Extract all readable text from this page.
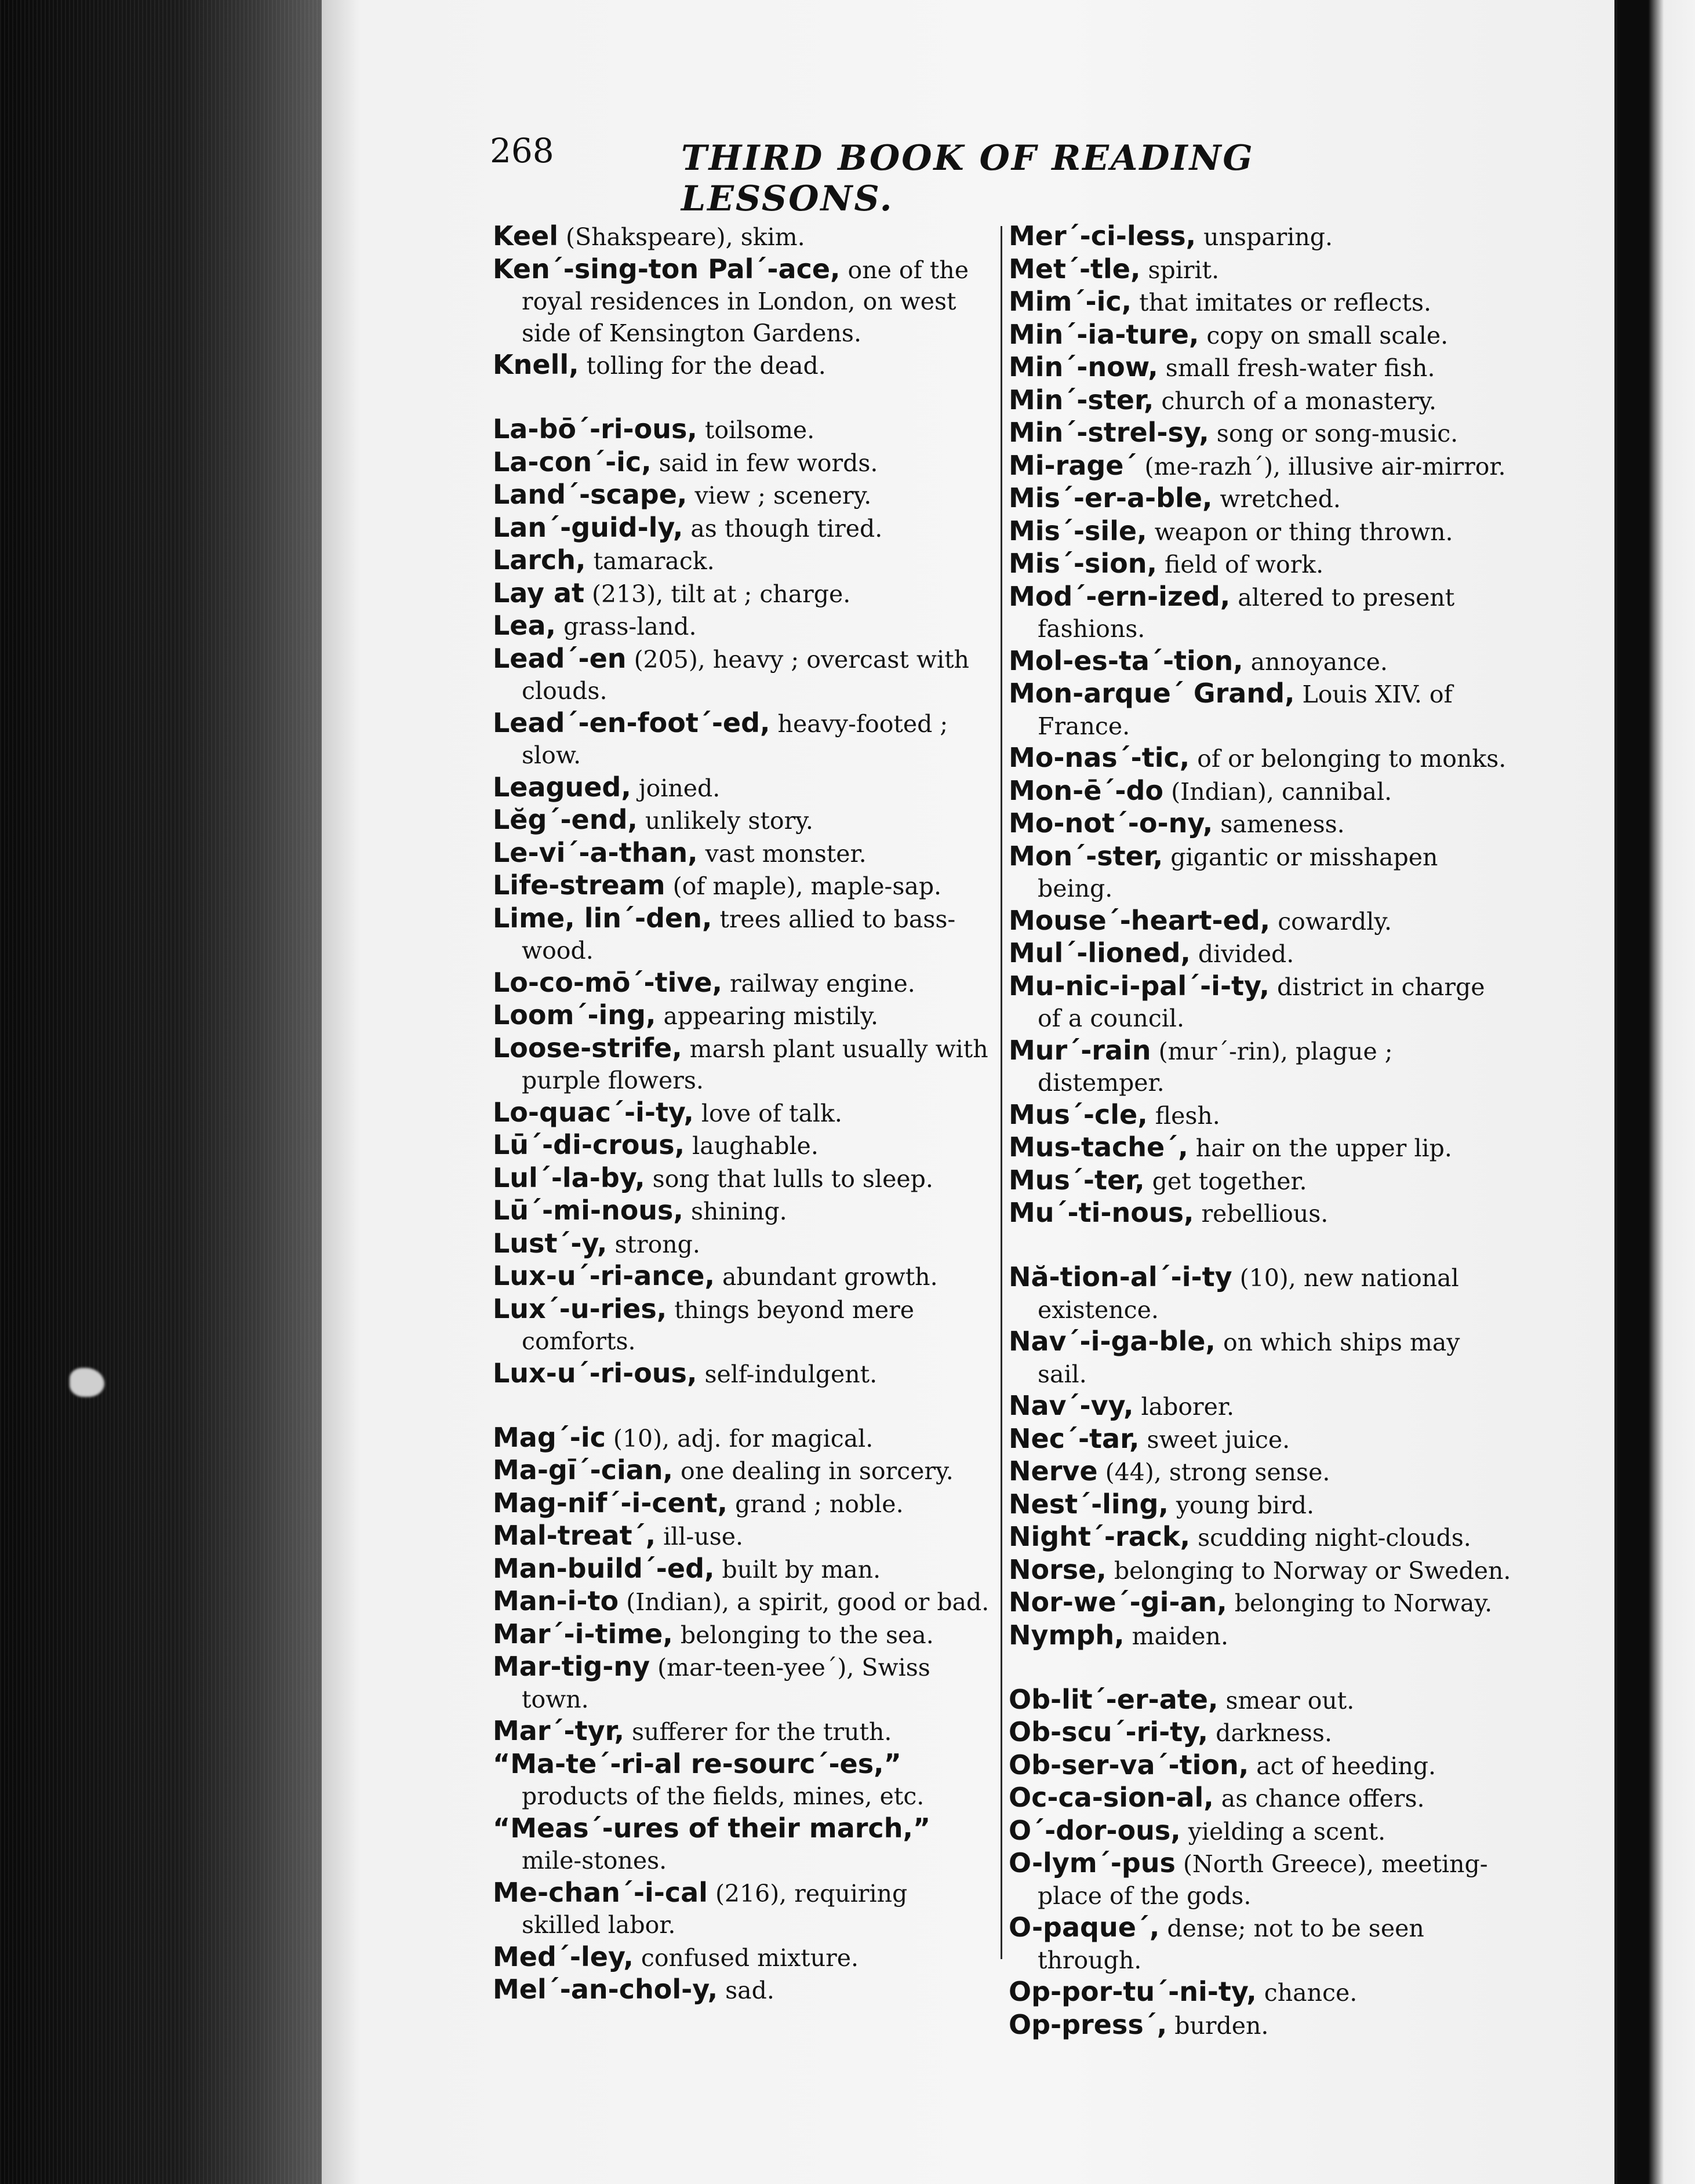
268	THIRD BOOK OF READING LESSONS.

Keel (Shakspeare), skim.

Ken´-sing-ton Pal´-ace, one of the royal residences in London, on west side of Kensington Gardens.

Knell, tolling for the dead.

La-bō´-ri-ous, toilsome.

La-con´-ic, said in few words.

Land´-scape, view ; scenery.

Lan´-guid-ly, as though tired.

Larch, tamarack.

Lay at (213), tilt at ; charge.

Lea, grass-land.

Lead´-en (205), heavy ; overcast with clouds.

Lead´-en-foot´-ed, heavy-footed ; slow.

Leagued, joined.

Lĕg´-end, unlikely story.

Le-vi´-a-than, vast monster.

Life-stream (of maple), maple-sap.

Lime, lin´-den, trees allied to bass-wood.

Lo-co-mō´-tive, railway engine.

Loom´-ing, appearing mistily.

Loose-strife, marsh plant usually with purple flowers.

Lo-quac´-i-ty, love of talk.

Lū´-di-crous, laughable.

Lul´-la-by, song that lulls to sleep.

Lū´-mi-nous, shining.

Lust´-y, strong.

Lux-u´-ri-ance, abundant growth.

Lux´-u-ries, things beyond mere comforts.

Lux-u´-ri-ous, self-indulgent.

Mag´-ic (10), adj. for magical.

Ma-gī´-cian, one dealing in sorcery.

Mag-nif´-i-cent, grand ; noble.

Mal-treat´, ill-use.

Man-build´-ed, built by man.

Man-i-to (Indian), a spirit, good or bad.

Mar´-i-time, belonging to the sea.

Mar-tig-ny (mar-teen-yee´), Swiss town.

Mar´-tyr, sufferer for the truth.

“Ma-te´-ri-al re-sourc´-es,” products of the fields, mines, etc.

“Meas´-ures of their march,” mile-stones.

Me-chan´-i-cal (216), requiring skilled labor.

Med´-ley, confused mixture.

Mel´-an-chol-y, sad.

Mer´-ci-less, unsparing.

Met´-tle, spirit.

Mim´-ic, that imitates or reflects.

Min´-ia-ture, copy on small scale.

Min´-now, small fresh-water fish.

Min´-ster, church of a monastery.

Min´-strel-sy, song or song-music.

Mi-rage´ (me-razh´), illusive air-mirror.

Mis´-er-a-ble, wretched.

Mis´-sile, weapon or thing thrown.

Mis´-sion, field of work.

Mod´-ern-ized, altered to present fashions.

Mol-es-ta´-tion, annoyance.

Mon-arque´ Grand, Louis XIV. of France.

Mo-nas´-tic, of or belonging to monks.

Mon-ē´-do (Indian), cannibal.

Mo-not´-o-ny, sameness.

Mon´-ster, gigantic or misshapen being.

Mouse´-heart-ed, cowardly.

Mul´-lioned, divided.

Mu-nic-i-pal´-i-ty, district in charge of a council.

Mur´-rain (mur´-rin), plague ; distemper.

Mus´-cle, flesh.

Mus-tache´, hair on the upper lip.

Mus´-ter, get together.

Mu´-ti-nous, rebellious.

Nă-tion-al´-i-ty (10), new national existence.

Nav´-i-ga-ble, on which ships may sail.

Nav´-vy, laborer.

Nec´-tar, sweet juice.

Nerve (44), strong sense.

Nest´-ling, young bird.

Night´-rack, scudding night-clouds.

Norse, belonging to Norway or Sweden.

Nor-we´-gi-an, belonging to Norway.

Nymph, maiden.

Ob-lit´-er-ate, smear out.

Ob-scu´-ri-ty, darkness.

Ob-ser-va´-tion, act of heeding.

Oc-ca-sion-al, as chance offers.

O´-dor-ous, yielding a scent.

O-lym´-pus (North Greece), meeting-place of the gods.

O-paque´, dense; not to be seen through.

Op-por-tu´-ni-ty, chance.

Op-press´, burden.
